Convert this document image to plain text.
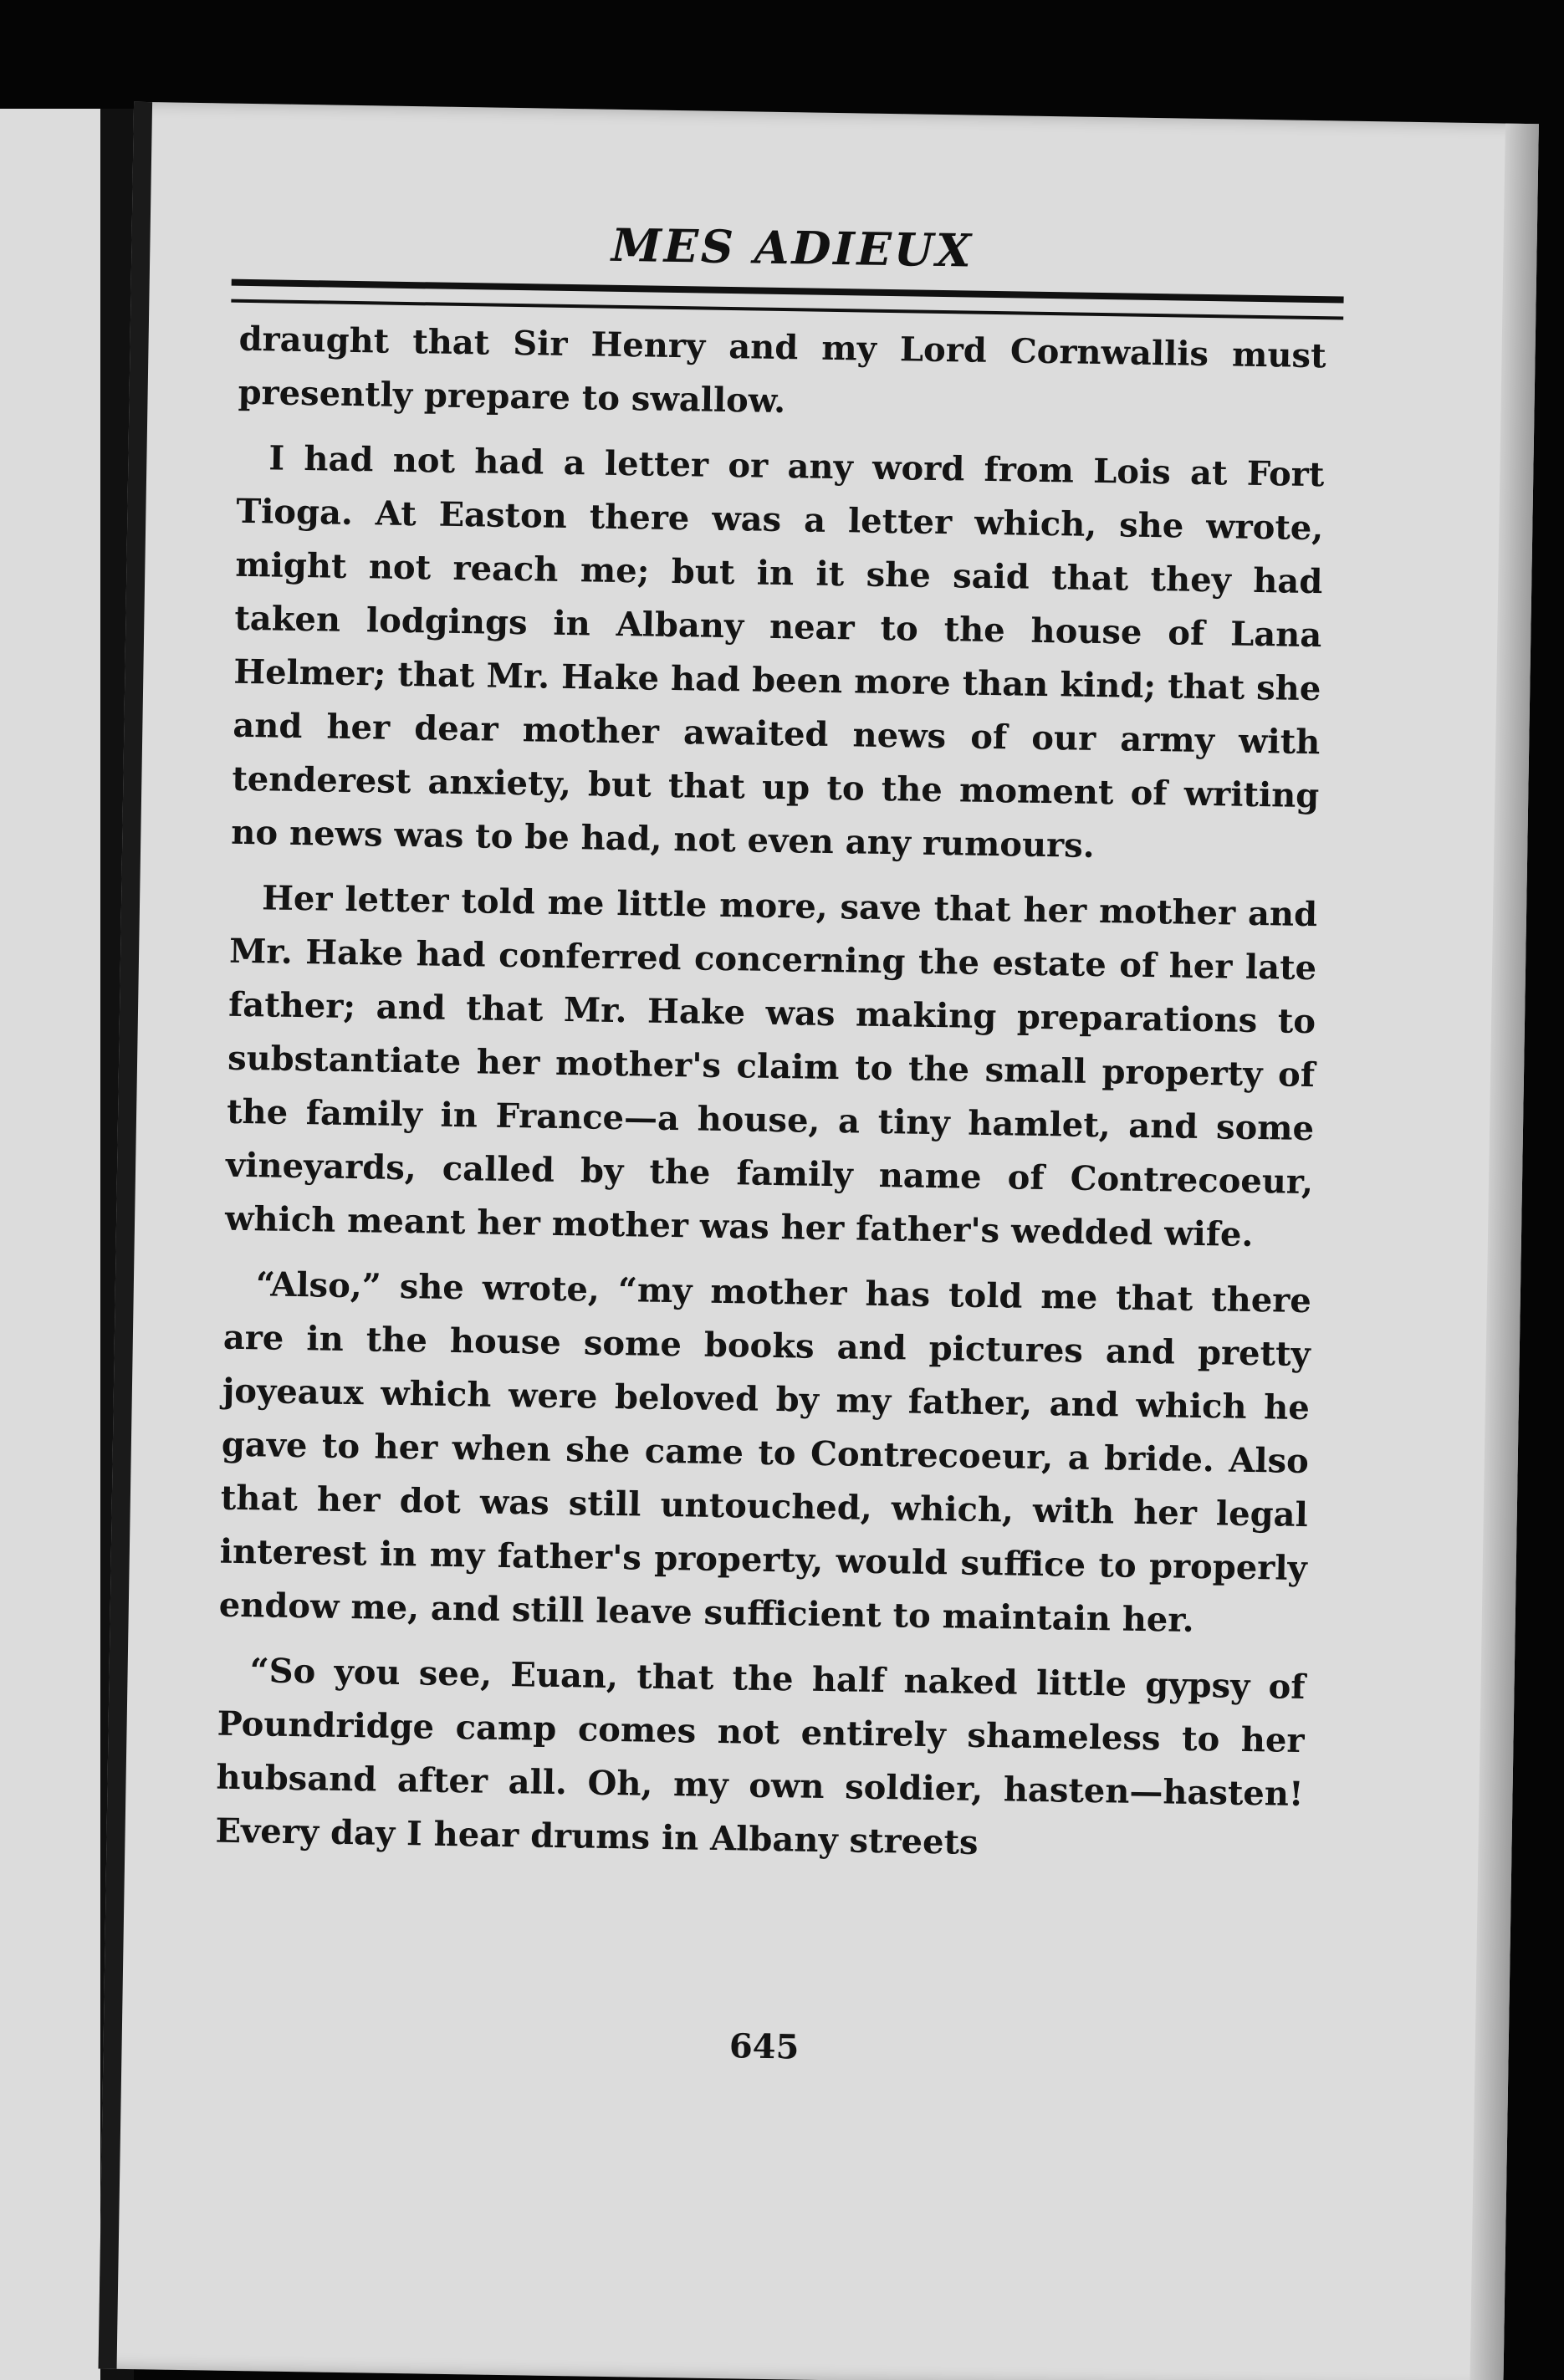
MES ADIEUX

draught that Sir Henry and my Lord Cornwallis must presently prepare to swallow.

I had not had a letter or any word from Lois at Fort Tioga. At Easton there was a letter which, she wrote, might not reach me; but in it she said that they had taken lodgings in Albany near to the house of Lana Helmer; that Mr. Hake had been more than kind; that she and her dear mother awaited news of our army with tenderest anxiety, but that up to the moment of writing no news was to be had, not even any rumours.

Her letter told me little more, save that her mother and Mr. Hake had conferred concerning the estate of her late father; and that Mr. Hake was making preparations to substantiate her mother's claim to the small property of the family in France—a house, a tiny hamlet, and some vineyards, called by the family name of Contrecoeur, which meant her mother was her father's wedded wife.

“Also,” she wrote, “my mother has told me that there are in the house some books and pictures and pretty joyeaux which were beloved by my father, and which he gave to her when she came to Contrecoeur, a bride. Also that her dot was still untouched, which, with her legal interest in my father's property, would suffice to properly endow me, and still leave sufficient to maintain her.

“So you see, Euan, that the half naked little gypsy of Poundridge camp comes not entirely shameless to her hubsand after all. Oh, my own soldier, hasten—hasten! Every day I hear drums in Albany streets

645
